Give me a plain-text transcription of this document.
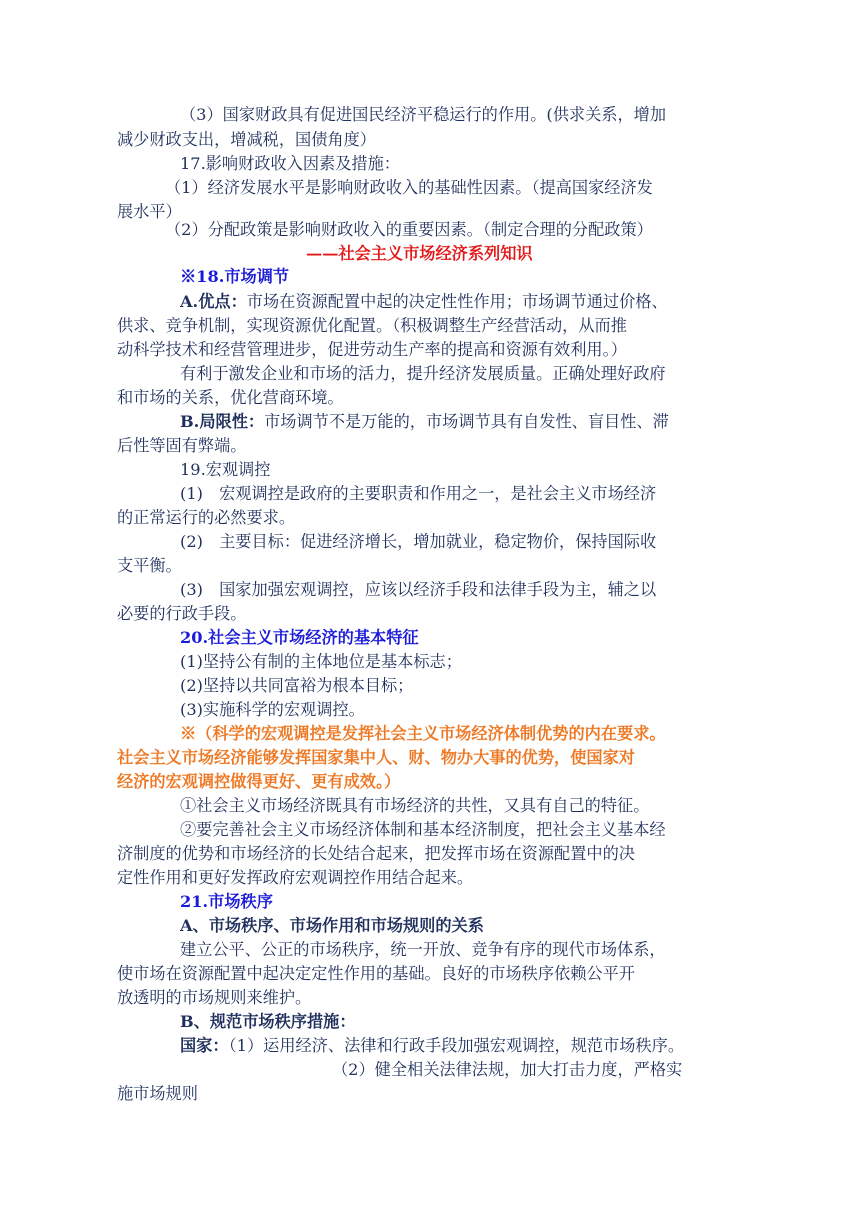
（3）国家财政具有促进国民经济平稳运行的作用。(供求关系，增加
减少财政支出，增减税，国债角度）
17.影响财政收入因素及措施：
（1）经济发展水平是影响财政收入的基础性因素。（提高国家经济发
展水平）
（2）分配政策是影响财政收入的重要因素。（制定合理的分配政策）
——社会主义市场经济系列知识
※18.市场调节
A.优点：市场在资源配置中起的决定性性作用；市场调节通过价格、
供求、竞争机制，实现资源优化配置。（积极调整生产经营活动，从而推
动科学技术和经营管理进步，促进劳动生产率的提高和资源有效利用。）
有利于激发企业和市场的活力，提升经济发展质量。正确处理好政府
和市场的关系，优化营商环境。
B.局限性：市场调节不是万能的，市场调节具有自发性、盲目性、滞
后性等固有弊端。
19.宏观调控
(1)　宏观调控是政府的主要职责和作用之一，是社会主义市场经济
的正常运行的必然要求。
(2)　主要目标：促进经济增长，增加就业，稳定物价，保持国际收
支平衡。
(3)　国家加强宏观调控，应该以经济手段和法律手段为主，辅之以
必要的行政手段。
20.社会主义市场经济的基本特征
(1)坚持公有制的主体地位是基本标志；
(2)坚持以共同富裕为根本目标；
(3)实施科学的宏观调控。
※（科学的宏观调控是发挥社会主义市场经济体制优势的内在要求。
社会主义市场经济能够发挥国家集中人、财、物办大事的优势，使国家对
经济的宏观调控做得更好、更有成效。）
①社会主义市场经济既具有市场经济的共性，又具有自己的特征。
②要完善社会主义市场经济体制和基本经济制度，把社会主义基本经
济制度的优势和市场经济的长处结合起来，把发挥市场在资源配置中的决
定性作用和更好发挥政府宏观调控作用结合起来。
21.市场秩序
A、市场秩序、市场作用和市场规则的关系
建立公平、公正的市场秩序，统一开放、竞争有序的现代市场体系，
使市场在资源配置中起决定定性作用的基础。良好的市场秩序依赖公平开
放透明的市场规则来维护。
B、规范市场秩序措施：
国家：（1）运用经济、法律和行政手段加强宏观调控，规范市场秩序。
（2）健全相关法律法规，加大打击力度，严格实
施市场规则
